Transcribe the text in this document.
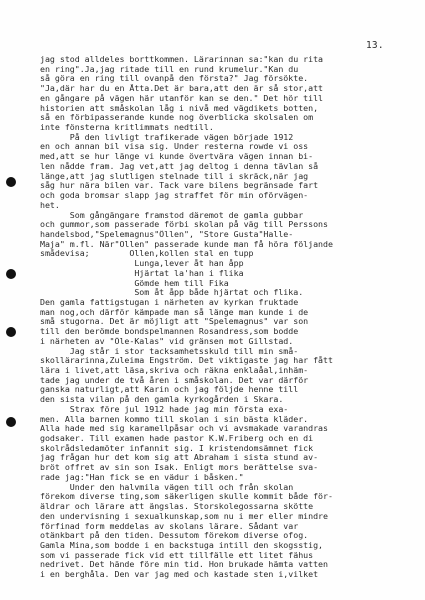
13.
jag stod alldeles borttkommen. Lärarinnan sa:"kan du rita
en ring".Ja,jag ritade till en rund krumelur."Kan du
så göra en ring till ovanpå den första?" Jag försökte.
"Ja,där har du en Åtta.Det är bara,att den är så stor,att
en gångare på vägen här utanför kan se den." Det hör till
historien att småskolan låg i nivå med vägdikets botten,
så en förbipasserande kunde nog överblicka skolsalen om
inte fönsterna kritlimmats nedtill.
På den livligt trafikerade vägen började 1912
en och annan bil visa sig. Under resterna rowde vi oss
med,att se hur länge vi kunde övertvära vägen innan bi-
len nådde fram. Jag vet,att jag deltog i denna tävlan så
länge,att jag slutligen stelnade till i skräck,när jag
såg hur nära bilen var. Tack vare bilens begränsade fart
och goda bromsar slapp jag straffet för min oförvägen-
het.
Som gångängare framstod däremot de gamla gubbar
och gummor,som passerade förbi skolan på väg till Perssons
handelsbod,"Spelemagnus"Öllen", "Store Gusta"Halle-
Maja" m.fl. När"Ollen" passerade kunde man få höra följande
smådevisa;        Ollen,kollen stal en tupp
Lunga,lever åt han åpp
Hjärtat la'han i flika
Gömde hem till Fika
Som åt åpp både hjärtat och flika.
Den gamla fattigstugan i närheten av kyrkan fruktade
man nog,och därför kämpade man så länge man kunde i de
små stugorna. Det är möjligt att "Spelemagnus" var son
till den berömde bondspelmannen Rosandress,som bodde
i närheten av "Öle-Kalas" vid gränsen mot Gillstad.
Jag står i stor tacksamhetsskuld till min små-
skollärarinna,Zuleima Engström. Det viktigaste jag har fått
lära i livet,att läsa,skriva och räkna enklaåal,inhäm-
tade jag under de två åren i småskolan. Det var därför
ganska naturligt,att Karin och jag följde henne till
den sista vilan på den gamla kyrkogården i Skara.
Strax före jul 1912 hade jag min första exa-
men. Alla barnen kommo till skolan i sin bästa kläder.
Alla hade med sig karamellpåsar och vi avsmakade varandras
godsaker. Till examen hade pastor K.W.Friberg och en di
skolrådsledamöter infannit sig. I kristendomsämnet fick
jag frågan hur det kom sig att Abraham i sista stund av-
bröt offret av sin son Isak. Enligt mors berättelse sva-
rade jag:"Han fick se en vädur i båsken."
Under den halvmila vägen till och från skolan
förekom diverse ting,som säkerligen skulle kommit både för-
äldrar och lärare att ängslas. Storskolegossarna sköttе
den undervisning i sexualkunskap,som nu i mer eller mindre
förfinad form meddelas av skolans lärare. Sådant var
otänkbart på den tiden. Dessutom förekom diverse ofog.
Gamla Mina,som bodde i en backstuga intill den skogsstig,
som vi passerade fick vid ett tillfälle ett litet fähus
nedrivet. Det hände före min tid. Hon brukade hämta vatten
i en berghåla. Den var jag med och kastade sten i,vilket
